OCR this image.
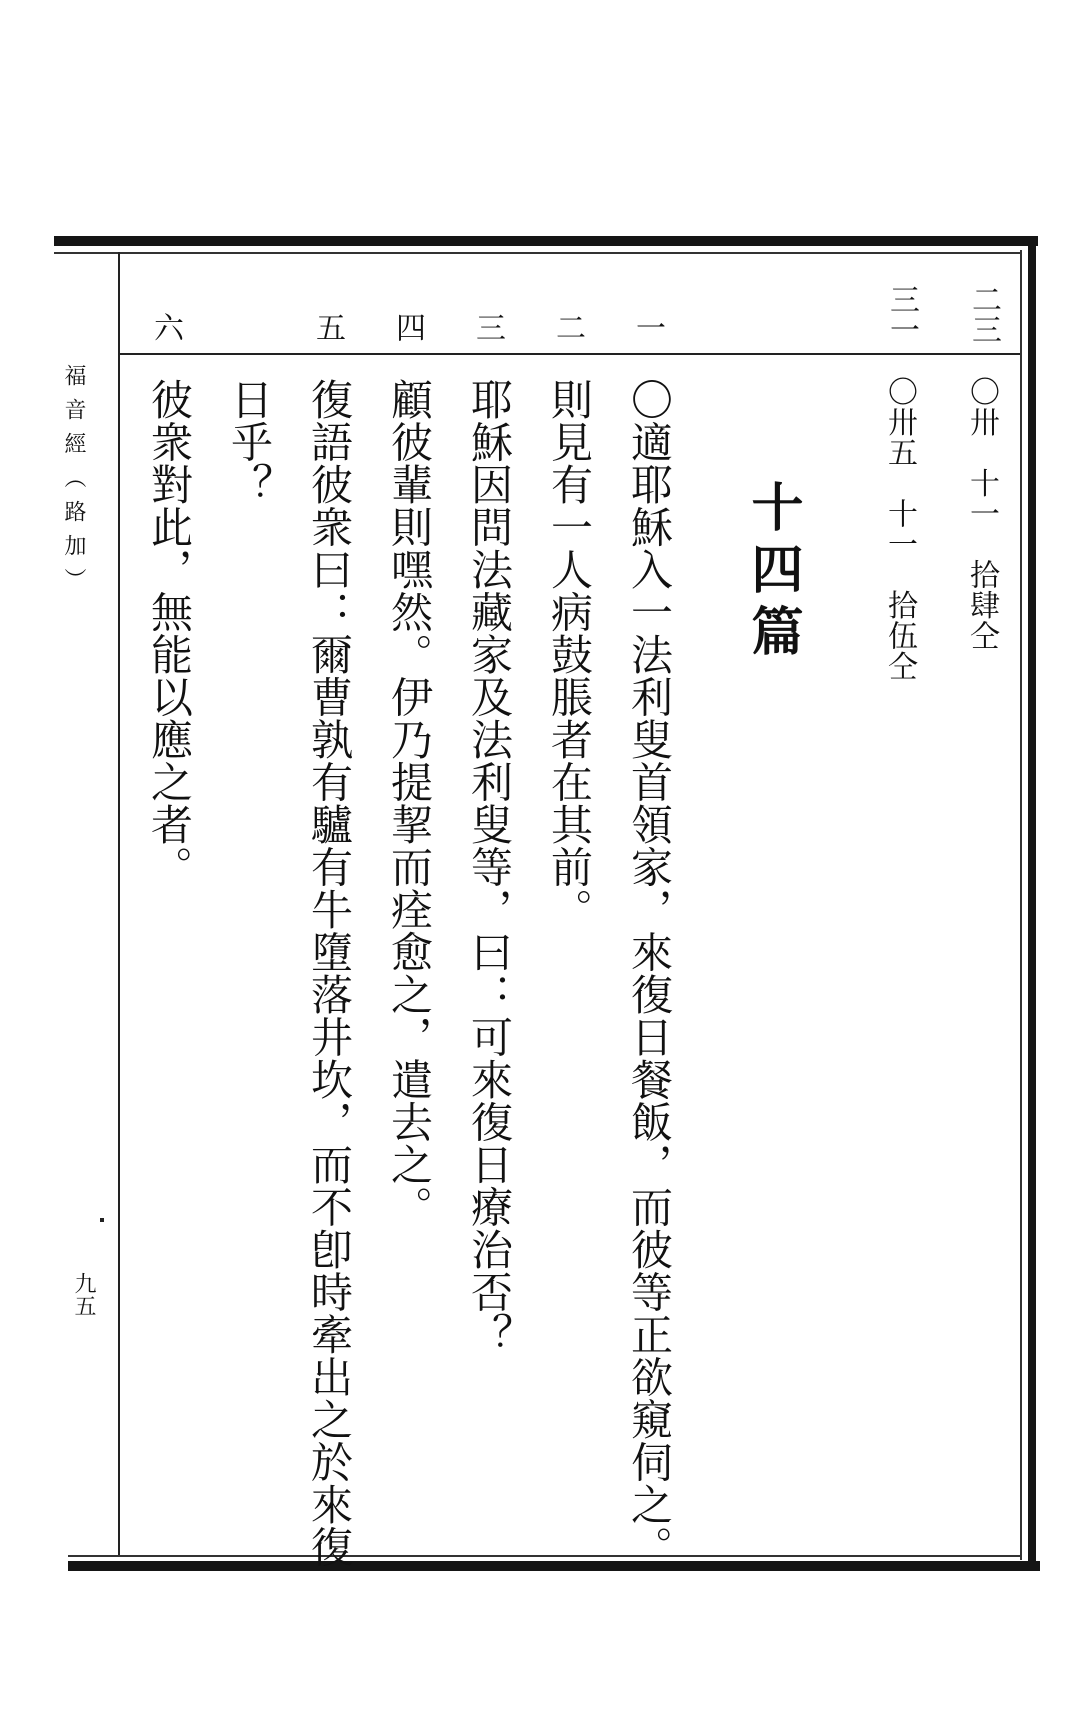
福音經（路加）
九五
二三
〇卅　十一　拾肆仝
三一
〇卅五　十一　拾伍仝
十四篇
一
二
三
四
五
六
〇適耶穌入一法利叟首領家，來復日餐飯，而彼等正欲窺伺之。
則見有一人病鼓脹者在其前。
耶穌因問法藏家及法利叟等，曰：可來復日療治否？
顧彼輩則嘿然。伊乃提挈而痊愈之，遣去之。
復語彼衆曰：爾曹孰有驢有牛墮落井坎，而不卽時牽出之於來復
日乎？
彼衆對此，無能以應之者。
